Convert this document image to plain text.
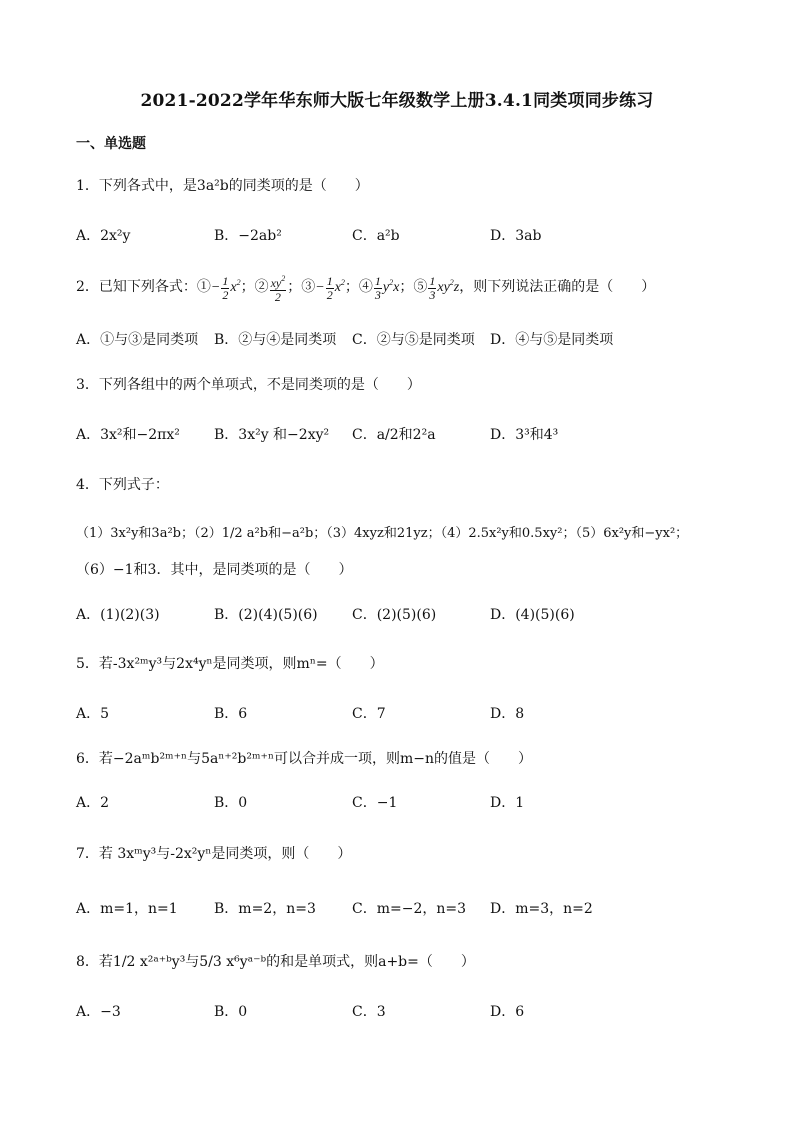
2021-2022学年华东师大版七年级数学上册3.4.1同类项同步练习
一、单选题
1．下列各式中，是3a²b的同类项的是（　　）
A．2x²y	B．−2ab²	C．a²b	D．3ab
2．已知下列各式：①− $\frac{1}{2} x^2$；② $\frac{xy^2}{2}$ ；③− $\frac{1}{2} x^2$；④ $\frac{1}{3} y^2x$；⑤ $\frac{1}{3} xy^2z$，则下列说法正确的是（　　）
A．①与③是同类项 B．②与④是同类项 C．②与⑤是同类项 D．④与⑤是同类项
3．下列各组中的两个单项式，不是同类项的是（　　）
A．3x²和−2πx² B．3x²y 和−2xy² C．a/2和2²a	D．3³和4³
4．下列式子：
（1）3x²y和3a²b；（2）1/2 a²b和−a²b；（3）4xyz和21yz；（4）2.5x²y和0.5xy²；（5）6x²y和−yx²；
（6）−1和3．其中，是同类项的是（　　）
A．(1)(2)(3)	B．(2)(4)(5)(6) C．(2)(5)(6)	D．(4)(5)(6)
5．若-3x²ᵐy³与2x⁴yⁿ是同类项，则mⁿ=（　　）
A．5	B．6	C．7	D．8
6．若−2aᵐb²ᵐ⁺ⁿ与5aⁿ⁺²b²ᵐ⁺ⁿ可以合并成一项，则m−n的值是（　　）
A．2	B．0	C．−1	D．1
7．若 3xᵐy³与-2x²yⁿ是同类项，则（　　）
A．m=1，n=1	B．m=2，n=3	C．m=−2，n=3 D．m=3，n=2
8．若1/2 x²ᵃ⁺ᵇy³与5/3 x⁶yᵃ⁻ᵇ的和是单项式，则a+b=（　　）
A．−3	B．0	C．3	D．6
